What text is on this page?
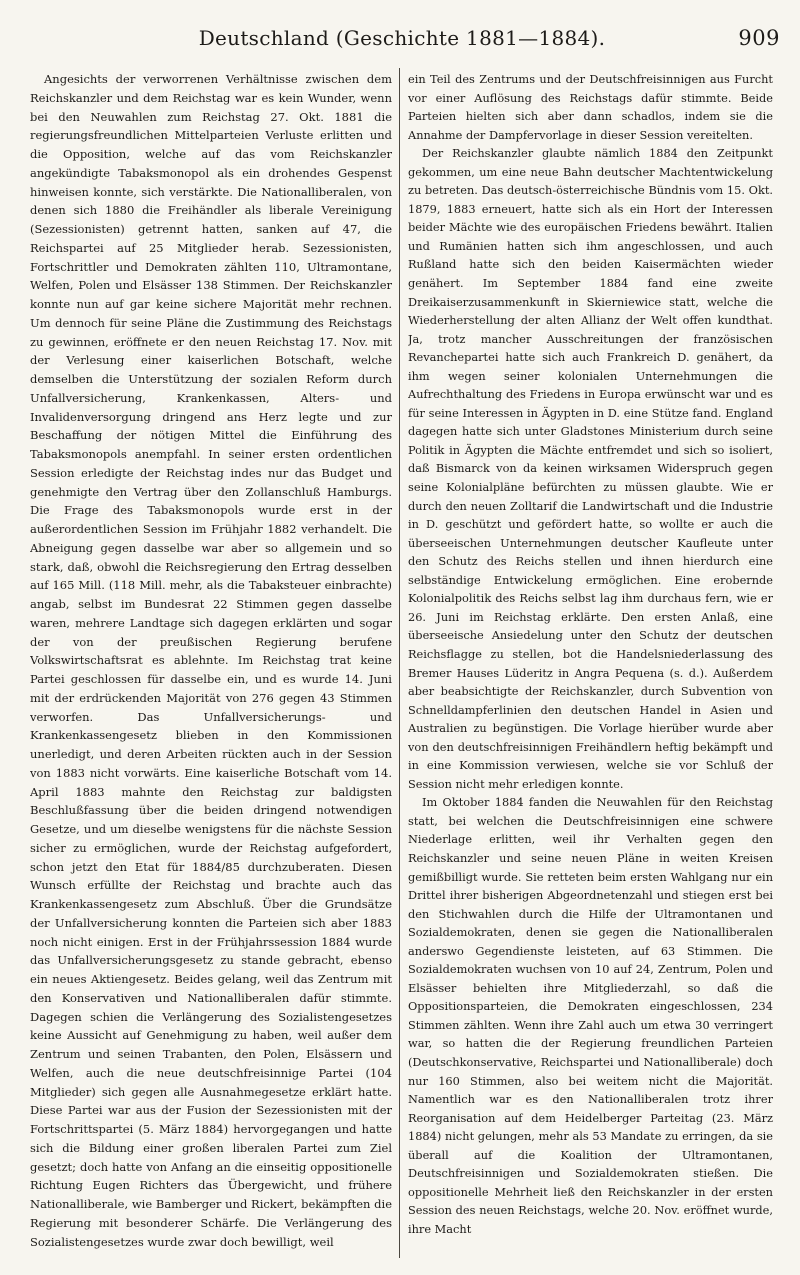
Deutschland (Geschichte 1881—1884).	909

Angesichts der verworrenen Verhältnisse zwischen dem Reichskanzler und dem Reichstag war es kein Wunder, wenn bei den Neuwahlen zum Reichstag 27. Okt. 1881 die regierungsfreundlichen Mittelparteien Verluste erlitten und die Opposition, welche auf das vom Reichskanzler angekündigte Tabaksmonopol als ein drohendes Gespenst hinweisen konnte, sich verstärkte. Die Nationalliberalen, von denen sich 1880 die Freihändler als liberale Vereinigung (Sezessionisten) getrennt hatten, sanken auf 47, die Reichspartei auf 25 Mitglieder herab. Sezessionisten, Fortschrittler und Demokraten zählten 110, Ultramontane, Welfen, Polen und Elsässer 138 Stimmen. Der Reichskanzler konnte nun auf gar keine sichere Majorität mehr rechnen. Um dennoch für seine Pläne die Zustimmung des Reichstags zu gewinnen, eröffnete er den neuen Reichstag 17. Nov. mit der Verlesung einer kaiserlichen Botschaft, welche demselben die Unterstützung der sozialen Reform durch Unfallversicherung, Krankenkassen, Alters- und Invalidenversorgung dringend ans Herz legte und zur Beschaffung der nötigen Mittel die Einführung des Tabaksmonopols anempfahl. In seiner ersten ordentlichen Session erledigte der Reichstag indes nur das Budget und genehmigte den Vertrag über den Zollanschluß Hamburgs. Die Frage des Tabaksmonopols wurde erst in der außerordentlichen Session im Frühjahr 1882 verhandelt. Die Abneigung gegen dasselbe war aber so allgemein und so stark, daß, obwohl die Reichsregierung den Ertrag desselben auf 165 Mill. (118 Mill. mehr, als die Tabaksteuer einbrachte) angab, selbst im Bundesrat 22 Stimmen gegen dasselbe waren, mehrere Landtage sich dagegen erklärten und sogar der von der preußischen Regierung berufene Volkswirtschaftsrat es ablehnte. Im Reichstag trat keine Partei geschlossen für dasselbe ein, und es wurde 14. Juni mit der erdrückenden Majorität von 276 gegen 43 Stimmen verworfen. Das Unfallversicherungs- und Krankenkassengesetz blieben in den Kommissionen unerledigt, und deren Arbeiten rückten auch in der Session von 1883 nicht vorwärts. Eine kaiserliche Botschaft vom 14. April 1883 mahnte den Reichstag zur baldigsten Beschlußfassung über die beiden dringend notwendigen Gesetze, und um dieselbe wenigstens für die nächste Session sicher zu ermöglichen, wurde der Reichstag aufgefordert, schon jetzt den Etat für 1884/85 durchzuberaten. Diesen Wunsch erfüllte der Reichstag und brachte auch das Krankenkassengesetz zum Abschluß. Über die Grundsätze der Unfallversicherung konnten die Parteien sich aber 1883 noch nicht einigen. Erst in der Frühjahrssession 1884 wurde das Unfallversicherungsgesetz zu stande gebracht, ebenso ein neues Aktiengesetz. Beides gelang, weil das Zentrum mit den Konservativen und Nationalliberalen dafür stimmte. Dagegen schien die Verlängerung des Sozialistengesetzes keine Aussicht auf Genehmigung zu haben, weil außer dem Zentrum und seinen Trabanten, den Polen, Elsässern und Welfen, auch die neue deutschfreisinnige Partei (104 Mitglieder) sich gegen alle Ausnahmegesetze erklärt hatte. Diese Partei war aus der Fusion der Sezessionisten mit der Fortschrittspartei (5. März 1884) hervorgegangen und hatte sich die Bildung einer großen liberalen Partei zum Ziel gesetzt; doch hatte von Anfang an die einseitig oppositionelle Richtung Eugen Richters das Übergewicht, und frühere Nationalliberale, wie Bamberger und Rickert, bekämpften die Regierung mit besonderer Schärfe. Die Verlängerung des Sozialistengesetzes wurde zwar doch bewilligt, weil

ein Teil des Zentrums und der Deutschfreisinnigen aus Furcht vor einer Auflösung des Reichstags dafür stimmte. Beide Parteien hielten sich aber dann schadlos, indem sie die Annahme der Dampfervorlage in dieser Session vereitelten.

Der Reichskanzler glaubte nämlich 1884 den Zeitpunkt gekommen, um eine neue Bahn deutscher Machtentwickelung zu betreten. Das deutsch-österreichische Bündnis vom 15. Okt. 1879, 1883 erneuert, hatte sich als ein Hort der Interessen beider Mächte wie des europäischen Friedens bewährt. Italien und Rumänien hatten sich ihm angeschlossen, und auch Rußland hatte sich den beiden Kaisermächten wieder genähert. Im September 1884 fand eine zweite Dreikaiserzusammenkunft in Skierniewice statt, welche die Wiederherstellung der alten Allianz der Welt offen kundthat. Ja, trotz mancher Ausschreitungen der französischen Revanchepartei hatte sich auch Frankreich D. genähert, da ihm wegen seiner kolonialen Unternehmungen die Aufrechthaltung des Friedens in Europa erwünscht war und es für seine Interessen in Ägypten in D. eine Stütze fand. England dagegen hatte sich unter Gladstones Ministerium durch seine Politik in Ägypten die Mächte entfremdet und sich so isoliert, daß Bismarck von da keinen wirksamen Widerspruch gegen seine Kolonialpläne befürchten zu müssen glaubte. Wie er durch den neuen Zolltarif die Landwirtschaft und die Industrie in D. geschützt und gefördert hatte, so wollte er auch die überseeischen Unternehmungen deutscher Kaufleute unter den Schutz des Reichs stellen und ihnen hierdurch eine selbständige Entwickelung ermöglichen. Eine erobernde Kolonialpolitik des Reichs selbst lag ihm durchaus fern, wie er 26. Juni im Reichstag erklärte. Den ersten Anlaß, eine überseeische Ansiedelung unter den Schutz der deutschen Reichsflagge zu stellen, bot die Handelsniederlassung des Bremer Hauses Lüderitz in Angra Pequena (s. d.). Außerdem aber beabsichtigte der Reichskanzler, durch Subvention von Schnelldampferlinien den deutschen Handel in Asien und Australien zu begünstigen. Die Vorlage hierüber wurde aber von den deutschfreisinnigen Freihändlern heftig bekämpft und in eine Kommission verwiesen, welche sie vor Schluß der Session nicht mehr erledigen konnte.

Im Oktober 1884 fanden die Neuwahlen für den Reichstag statt, bei welchen die Deutschfreisinnigen eine schwere Niederlage erlitten, weil ihr Verhalten gegen den Reichskanzler und seine neuen Pläne in weiten Kreisen gemißbilligt wurde. Sie retteten beim ersten Wahlgang nur ein Drittel ihrer bisherigen Abgeordnetenzahl und stiegen erst bei den Stichwahlen durch die Hilfe der Ultramontanen und Sozialdemokraten, denen sie gegen die Nationalliberalen anderswo Gegendienste leisteten, auf 63 Stimmen. Die Sozialdemokraten wuchsen von 10 auf 24, Zentrum, Polen und Elsässer behielten ihre Mitgliederzahl, so daß die Oppositionsparteien, die Demokraten eingeschlossen, 234 Stimmen zählten. Wenn ihre Zahl auch um etwa 30 verringert war, so hatten die der Regierung freundlichen Parteien (Deutschkonservative, Reichspartei und Nationalliberale) doch nur 160 Stimmen, also bei weitem nicht die Majorität. Namentlich war es den Nationalliberalen trotz ihrer Reorganisation auf dem Heidelberger Parteitag (23. März 1884) nicht gelungen, mehr als 53 Mandate zu erringen, da sie überall auf die Koalition der Ultramontanen, Deutschfreisinnigen und Sozialdemokraten stießen. Die oppositionelle Mehrheit ließ den Reichskanzler in der ersten Session des neuen Reichstags, welche 20. Nov. eröffnet wurde, ihre Macht
